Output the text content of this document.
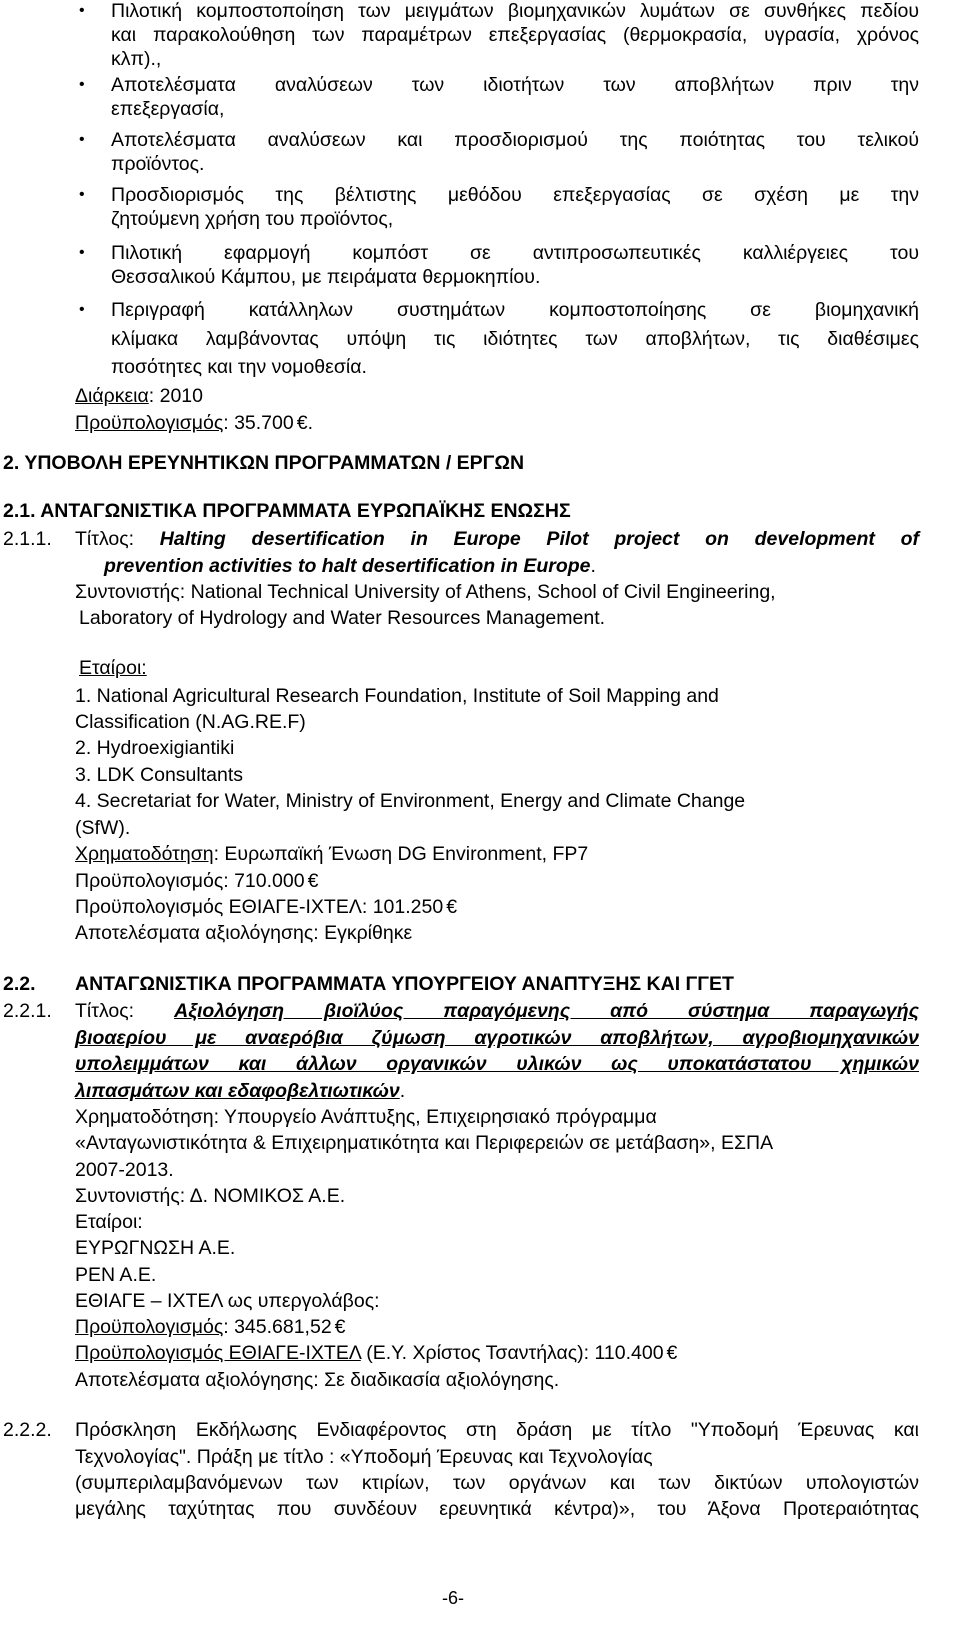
• Πιλοτική κομποστοποίηση των μειγμάτων βιομηχανικών λυμάτων σε συνθήκες πεδίου
και παρακολούθηση των παραμέτρων επεξεργασίας (θερμοκρασία, υγρασία, χρόνος
κλπ).,
• Αποτελέσματα αναλύσεων των ιδιοτήτων των αποβλήτων πριν την
επεξεργασία,
• Αποτελέσματα αναλύσεων και προσδιορισμού της ποιότητας του τελικού
προϊόντος.
• Προσδιορισμός της βέλτιστης μεθόδου επεξεργασίας σε σχέση με την
ζητούμενη χρήση του προϊόντος,
• Πιλοτική εφαρμογή κομπόστ σε αντιπροσωπευτικές καλλιέργειες του
Θεσσαλικού Κάμπου, με πειράματα θερμοκηπίου.
• Περιγραφή κατάλληλων συστημάτων κομποστοποίησης σε βιομηχανική
κλίμακα λαμβάνοντας υπόψη τις ιδιότητες των αποβλήτων, τις διαθέσιμες
ποσότητες και την νομοθεσία.
Διάρκεια: 2010
Προϋπολογισμός: 35.700 €.
2. ΥΠΟΒΟΛΗ ΕΡΕΥΝΗΤΙΚΩΝ ΠΡΟΓΡΑΜΜΑΤΩΝ / ΕΡΓΩΝ
2.1. ΑΝΤΑΓΩΝΙΣΤΙΚΑ ΠΡΟΓΡΑΜΜΑΤΑ ΕΥΡΩΠΑΪΚΗΣ ΕΝΩΣΗΣ
2.1.1. Τίτλος: Halting desertification in Europe Pilot project on development of
prevention activities to halt desertification in Europe.
Συντονιστής: National Technical University of Athens, School of Civil Engineering,
Laboratory of Hydrology and Water Resources Management.
Εταίροι:
1. National Agricultural Research Foundation, Institute of Soil Mapping and
Classification (N.AG.RE.F)
2. Hydroexigiantiki
3. LDK Consultants
4. Secretariat for Water, Ministry of Environment, Energy and Climate Change
(SfW).
Χρηματοδότηση: Ευρωπαϊκή Ένωση DG Environment, FP7
Προϋπολογισμός: 710.000 €
Προϋπολογισμός ΕΘΙΑΓΕ-ΙΧΤΕΛ: 101.250 €
Αποτελέσματα αξιολόγησης: Εγκρίθηκε
2.2. ΑΝΤΑΓΩΝΙΣΤΙΚΑ ΠΡΟΓΡΑΜΜΑΤΑ ΥΠΟΥΡΓΕΙΟΥ ΑΝΑΠΤΥΞΗΣ ΚΑΙ ΓΓΕΤ
2.2.1. Τίτλος: Αξιολόγηση βιοϊλύος παραγόμενης από σύστημα παραγωγής
βιοαερίου με αναερόβια ζύμωση αγροτικών αποβλήτων, αγροβιομηχανικών
υπολειμμάτων και άλλων οργανικών υλικών ως υποκατάστατου χημικών
λιπασμάτων και εδαφοβελτιωτικών.
Χρηματοδότηση: Υπουργείο Ανάπτυξης, Επιχειρησιακό πρόγραμμα
«Ανταγωνιστικότητα & Επιχειρηματικότητα και Περιφερειών σε μετάβαση», ΕΣΠΑ
2007-2013.
Συντονιστής: Δ. ΝΟΜΙΚΟΣ Α.Ε.
Εταίροι:
ΕΥΡΩΓΝΩΣΗ Α.Ε.
ΡΕΝ Α.Ε.
ΕΘΙΑΓΕ – ΙΧΤΕΛ ως υπεργολάβος:
Προϋπολογισμός: 345.681,52 €
Προϋπολογισμός ΕΘΙΑΓΕ-ΙΧΤΕΛ (Ε.Υ. Χρίστος Τσαντήλας): 110.400 €
Αποτελέσματα αξιολόγησης: Σε διαδικασία αξιολόγησης.
2.2.2. Πρόσκληση Εκδήλωσης Ενδιαφέροντος στη δράση με τίτλο "Υποδομή Έρευνας και
Τεχνολογίας". Πράξη με τίτλο : «Υποδομή Έρευνας και Τεχνολογίας
(συμπεριλαμβανόμενων των κτιρίων, των οργάνων και των δικτύων υπολογιστών
μεγάλης ταχύτητας που συνδέουν ερευνητικά κέντρα)», του Άξονα Προτεραιότητας
-6-
